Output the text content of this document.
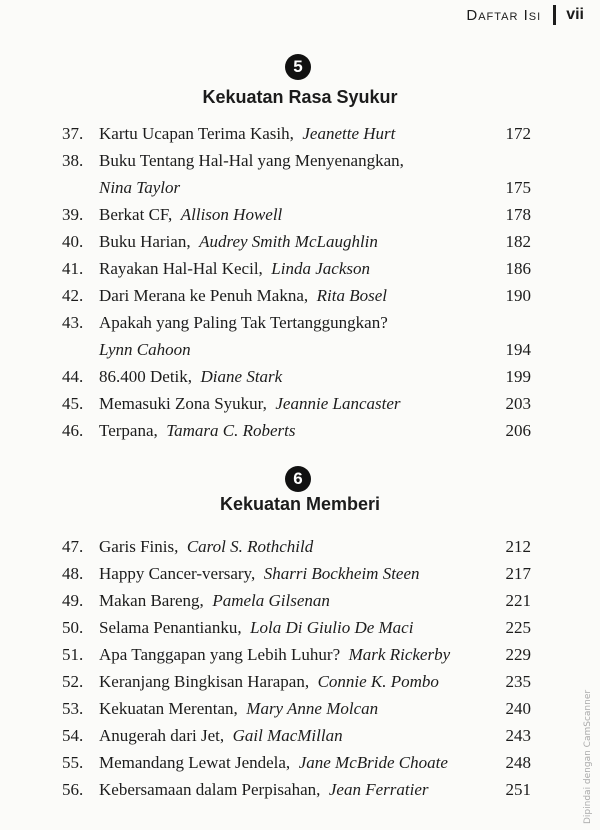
Daftar Isi vii
5
Kekuatan Rasa Syukur
37. Kartu Ucapan Terima Kasih, Jeanette Hurt	172
38. Buku Tentang Hal-Hal yang Menyenangkan,
Nina Taylor	175
39. Berkat CF, Allison Howell	178
40. Buku Harian, Audrey Smith McLaughlin	182
41. Rayakan Hal-Hal Kecil, Linda Jackson	186
42. Dari Merana ke Penuh Makna, Rita Bosel	190
43. Apakah yang Paling Tak Tertanggungkan?
Lynn Cahoon	194
44. 86.400 Detik, Diane Stark	199
45. Memasuki Zona Syukur, Jeannie Lancaster	203
46. Terpana, Tamara C. Roberts	206
6
Kekuatan Memberi
47. Garis Finis, Carol S. Rothchild	212
48. Happy Cancer-versary, Sharri Bockheim Steen	217
49. Makan Bareng, Pamela Gilsenan	221
50. Selama Penantianku, Lola Di Giulio De Maci	225
51. Apa Tanggapan yang Lebih Luhur? Mark Rickerby	229
52. Keranjang Bingkisan Harapan, Connie K. Pombo	235
53. Kekuatan Merentan, Mary Anne Molcan	240
54. Anugerah dari Jet, Gail MacMillan	243
55. Memandang Lewat Jendela, Jane McBride Choate	248
56. Kebersamaan dalam Perpisahan, Jean Ferratier	251	Dipindai dengan CamScanner
